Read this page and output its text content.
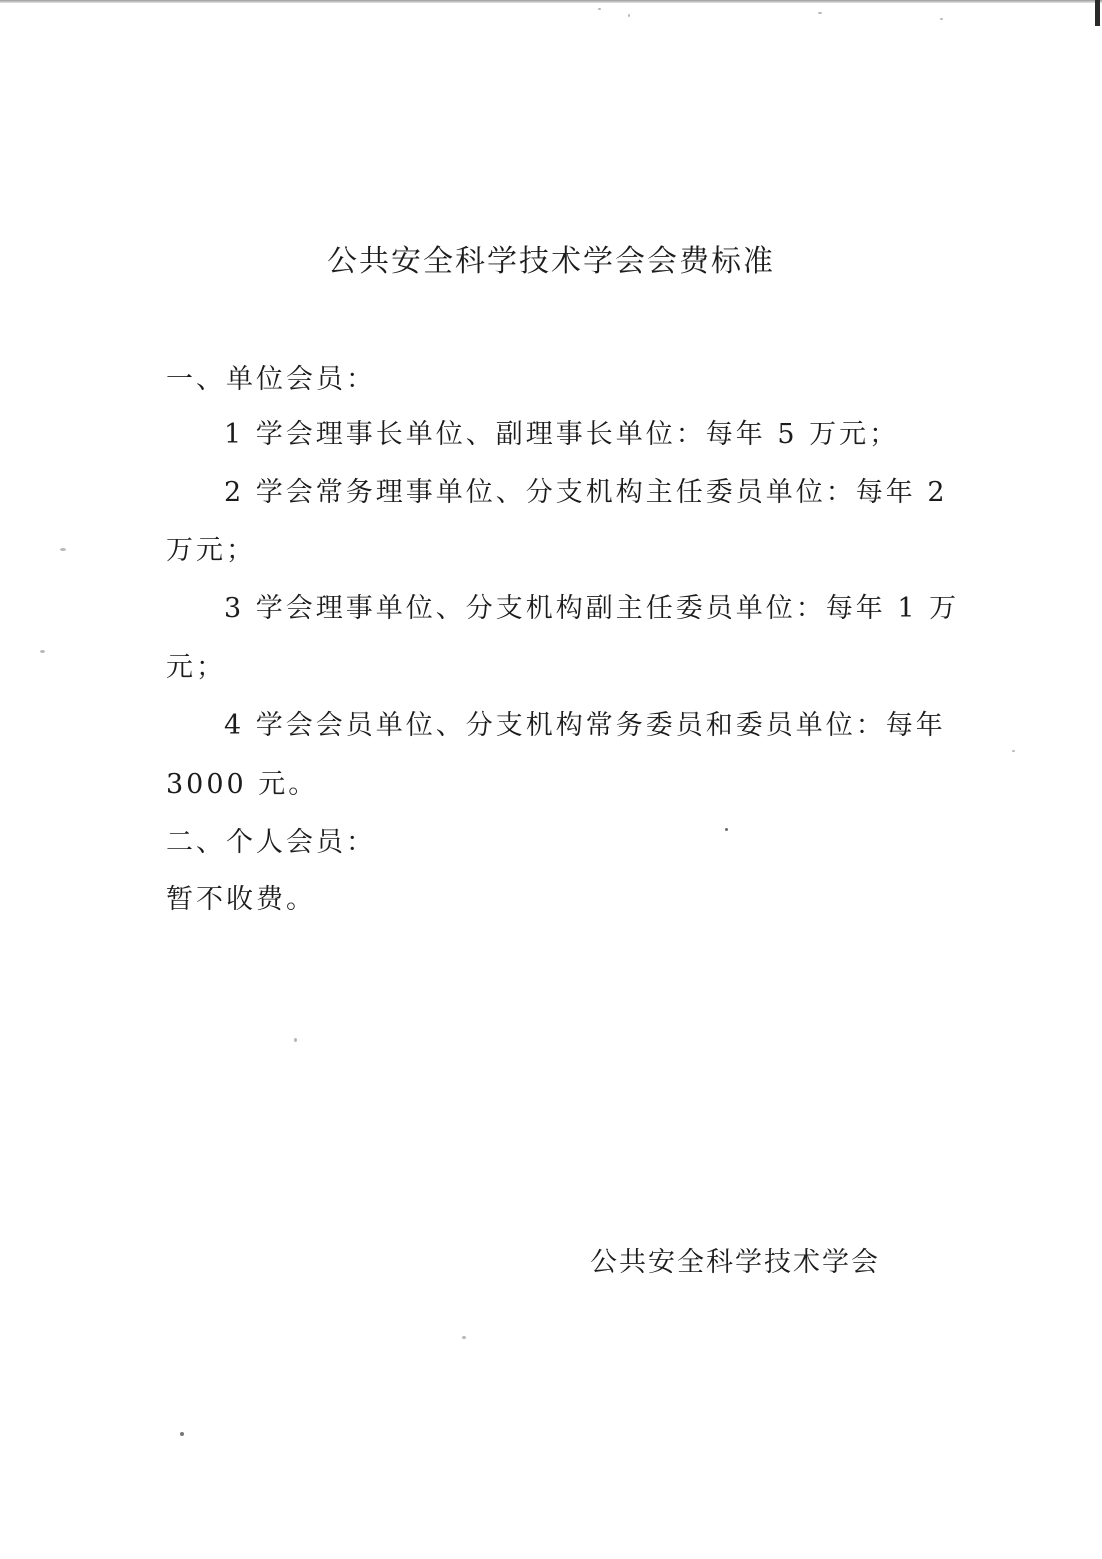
公共安全科学技术学会会费标准
一、单位会员：
1 学会理事长单位、副理事长单位：每年 5 万元；
2 学会常务理事单位、分支机构主任委员单位：每年 2
万元；
3 学会理事单位、分支机构副主任委员单位：每年 1 万
元；
4 学会会员单位、分支机构常务委员和委员单位：每年
3000 元。
二、个人会员：
暂不收费。
公共安全科学技术学会
